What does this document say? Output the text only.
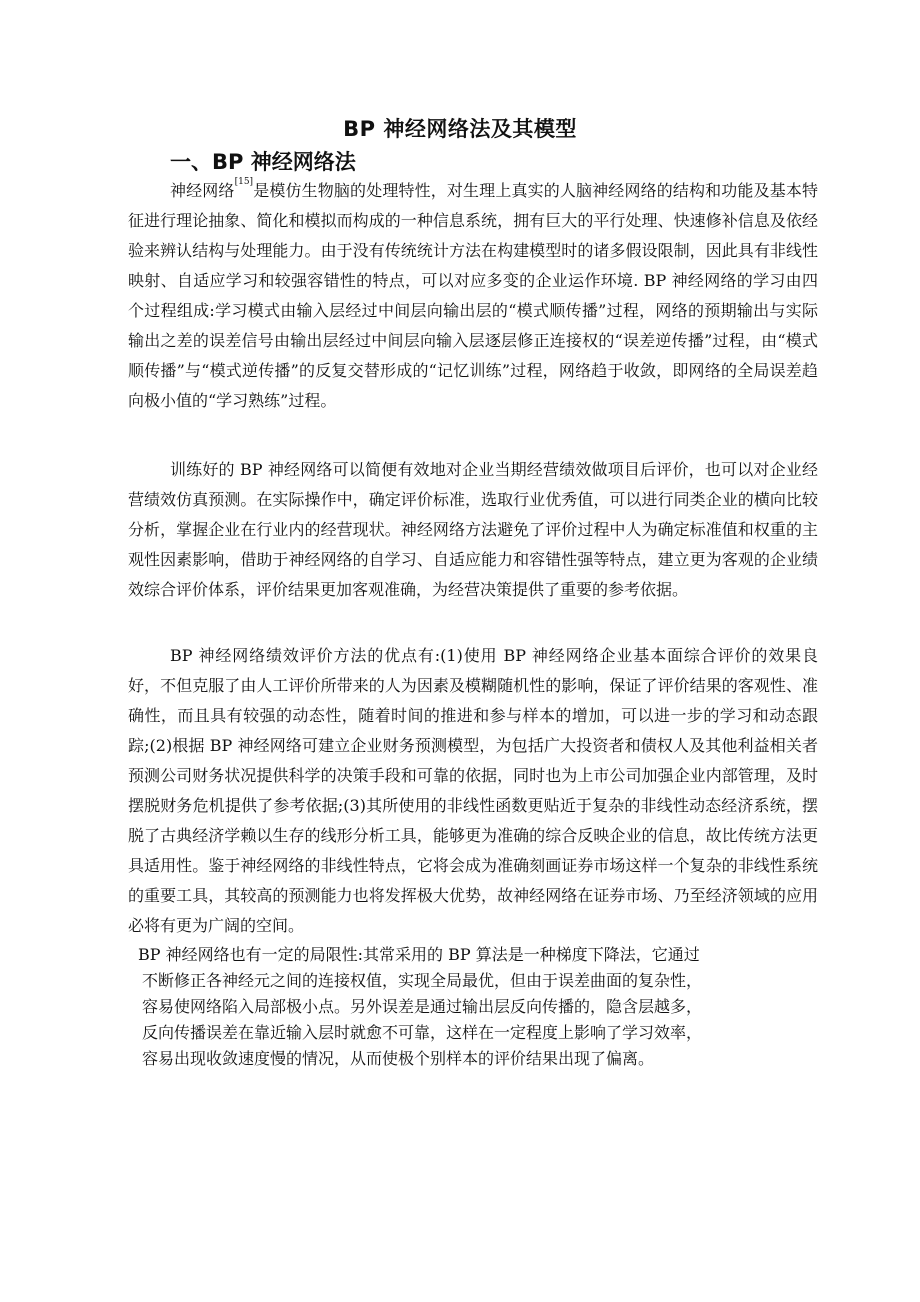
BP 神经网络法及其模型
一、BP 神经网络法

神经网络[15]是模仿生物脑的处理特性，对生理上真实的人脑神经网络的结构和功能及基本特征进行理论抽象、简化和模拟而构成的一种信息系统，拥有巨大的平行处理、快速修补信息及依经验来辨认结构与处理能力。由于没有传统统计方法在构建模型时的诸多假设限制，因此具有非线性映射、自适应学习和较强容错性的特点，可以对应多变的企业运作环境. BP 神经网络的学习由四个过程组成:学习模式由输入层经过中间层向输出层的“模式顺传播”过程，网络的预期输出与实际输出之差的误差信号由输出层经过中间层向输入层逐层修正连接权的“误差逆传播”过程，由“模式顺传播”与“模式逆传播”的反复交替形成的“记忆训练”过程，网络趋于收敛，即网络的全局误差趋向极小值的“学习熟练”过程。

训练好的 BP 神经网络可以简便有效地对企业当期经营绩效做项目后评价，也可以对企业经营绩效仿真预测。在实际操作中，确定评价标准，选取行业优秀值，可以进行同类企业的横向比较分析，掌握企业在行业内的经营现状。神经网络方法避免了评价过程中人为确定标准值和权重的主观性因素影响，借助于神经网络的自学习、自适应能力和容错性强等特点，建立更为客观的企业绩效综合评价体系，评价结果更加客观准确，为经营决策提供了重要的参考依据。

BP 神经网络绩效评价方法的优点有:(1)使用 BP 神经网络企业基本面综合评价的效果良好，不但克服了由人工评价所带来的人为因素及模糊随机性的影响，保证了评价结果的客观性、准确性，而且具有较强的动态性，随着时间的推进和参与样本的增加，可以进一步的学习和动态跟踪;(2)根据 BP 神经网络可建立企业财务预测模型，为包括广大投资者和债权人及其他利益相关者预测公司财务状况提供科学的决策手段和可靠的依据，同时也为上市公司加强企业内部管理，及时摆脱财务危机提供了参考依据;(3)其所使用的非线性函数更贴近于复杂的非线性动态经济系统，摆脱了古典经济学赖以生存的线形分析工具，能够更为准确的综合反映企业的信息，故比传统方法更具适用性。鉴于神经网络的非线性特点，它将会成为准确刻画证券市场这样一个复杂的非线性系统的重要工具，其较高的预测能力也将发挥极大优势，故神经网络在证券市场、乃至经济领域的应用必将有更为广阔的空间。

BP 神经网络也有一定的局限性:其常采用的 BP 算法是一种梯度下降法，它通过
不断修正各神经元之间的连接权值，实现全局最优，但由于误差曲面的复杂性，
容易使网络陷入局部极小点。另外误差是通过输出层反向传播的，隐含层越多，
反向传播误差在靠近输入层时就愈不可靠，这样在一定程度上影响了学习效率，
容易出现收敛速度慢的情况，从而使极个别样本的评价结果出现了偏离。
